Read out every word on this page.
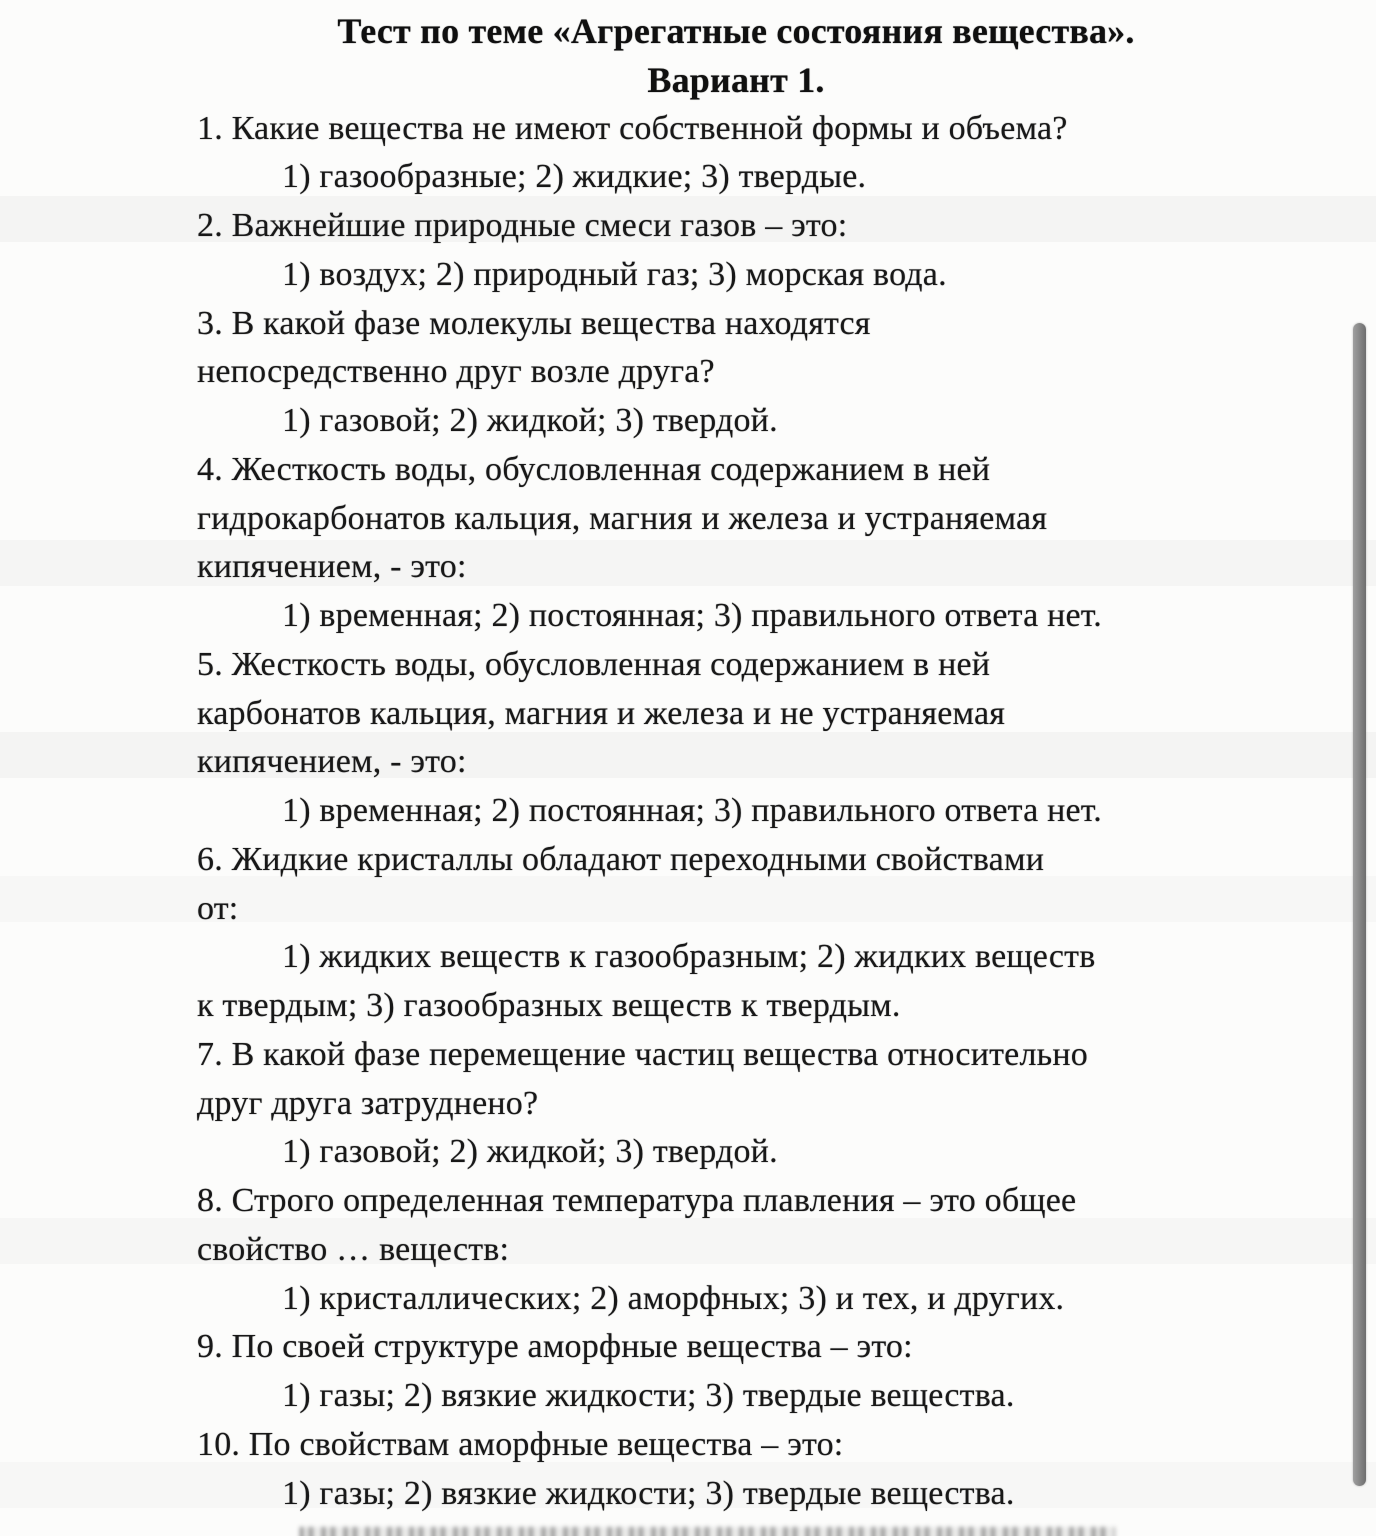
Тест по теме «Агрегатные состояния вещества».

Вариант 1.

1. Какие вещества не имеют собственной формы и объема?

1) газообразные; 2) жидкие; 3) твердые.

2. Важнейшие природные смеси газов – это:

1) воздух; 2) природный газ; 3) морская вода.

3. В какой фазе молекулы вещества находятся

непосредственно друг возле друга?

1) газовой; 2) жидкой; 3) твердой.

4. Жесткость воды, обусловленная содержанием в ней

гидрокарбонатов кальция, магния и железа и устраняемая

кипячением, - это:

1) временная; 2) постоянная; 3) правильного ответа нет.

5. Жесткость воды, обусловленная содержанием в ней

карбонатов кальция, магния и железа и не устраняемая

кипячением, - это:

1) временная; 2) постоянная; 3) правильного ответа нет.

6. Жидкие кристаллы обладают переходными свойствами

от:

1) жидких веществ к газообразным; 2) жидких веществ

к твердым; 3) газообразных веществ к твердым.

7. В какой фазе перемещение частиц вещества относительно

друг друга затруднено?

1) газовой; 2) жидкой; 3) твердой.

8. Строго определенная температура плавления – это общее

свойство … веществ:

1) кристаллических; 2) аморфных; 3) и тех, и других.

9. По своей структуре аморфные вещества – это:

1) газы; 2) вязкие жидкости; 3) твердые вещества.

10. По свойствам аморфные вещества – это:

1) газы; 2) вязкие жидкости; 3) твердые вещества.
